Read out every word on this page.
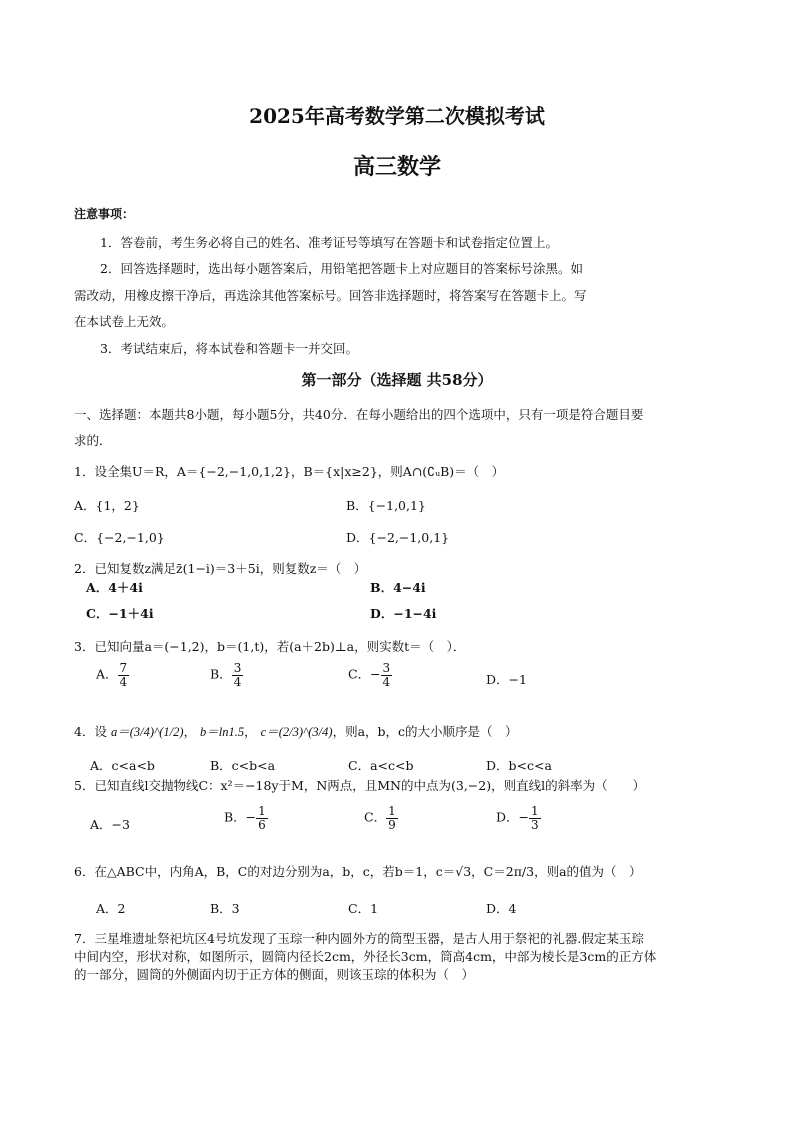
2025年高考数学第二次模拟考试
高三数学
注意事项：
1．答卷前，考生务必将自己的姓名、准考证号等填写在答题卡和试卷指定位置上。
2．回答选择题时，选出每小题答案后，用铅笔把答题卡上对应题目的答案标号涂黑。如
需改动，用橡皮擦干净后，再选涂其他答案标号。回答非选择题时，将答案写在答题卡上。写
在本试卷上无效。
3．考试结束后，将本试卷和答题卡一并交回。
第一部分（选择题 共58分）
一、选择题：本题共8小题，每小题5分，共40分．在每小题给出的四个选项中，只有一项是符合题目要
求的．
1．设全集U＝R，A＝{−2,−1,0,1,2}，B＝{x|x≥2}，则A∩(∁ᵤB)＝（　）
A．{1，2}	B．{−1,0,1}
C．{−2,−1,0}	D．{−2,−1,0,1}
2．已知复数z满足z̄(1−i)＝3＋5i，则复数z＝（　）
A．4＋4i	B．4−4i
C．−1＋4i	D．−1−4i
3．已知向量a＝(−1,2)，b＝(1,t)，若(a＋2b)⊥a，则实数t＝（　）．
A． $\frac{7}{4}$	B． $\frac{3}{4}$	C．− $\frac{3}{4}$	D．−1
4．设 a＝(3/4)^(1/2)， b＝ln1.5， c＝(2/3)^(3/4)，则a，b，c的大小顺序是（　）
A．c<a<b	B．c<b<a	C．a<c<b	D．b<c<a
5．已知直线l交抛物线C：x²＝−18y于M，N两点，且MN的中点为(3,−2)，则直线l的斜率为（　　）
A．−3	B．− $\frac{1}{6}$	C． $\frac{1}{9}$	D．− $\frac{1}{3}$
6．在△ABC中，内角A，B，C的对边分别为a，b，c，若b＝1，c＝√3，C＝2π/3，则a的值为（　）
A．2	B．3	C．1	D．4
7．三星堆遗址祭祀坑区4号坑发现了玉琮一种内圆外方的筒型玉器，是古人用于祭祀的礼器.假定某玉琮
中间内空，形状对称，如图所示，圆筒内径长2cm，外径长3cm，筒高4cm，中部为棱长是3cm的正方体
的一部分，圆筒的外侧面内切于正方体的侧面，则该玉琮的体积为（　）
